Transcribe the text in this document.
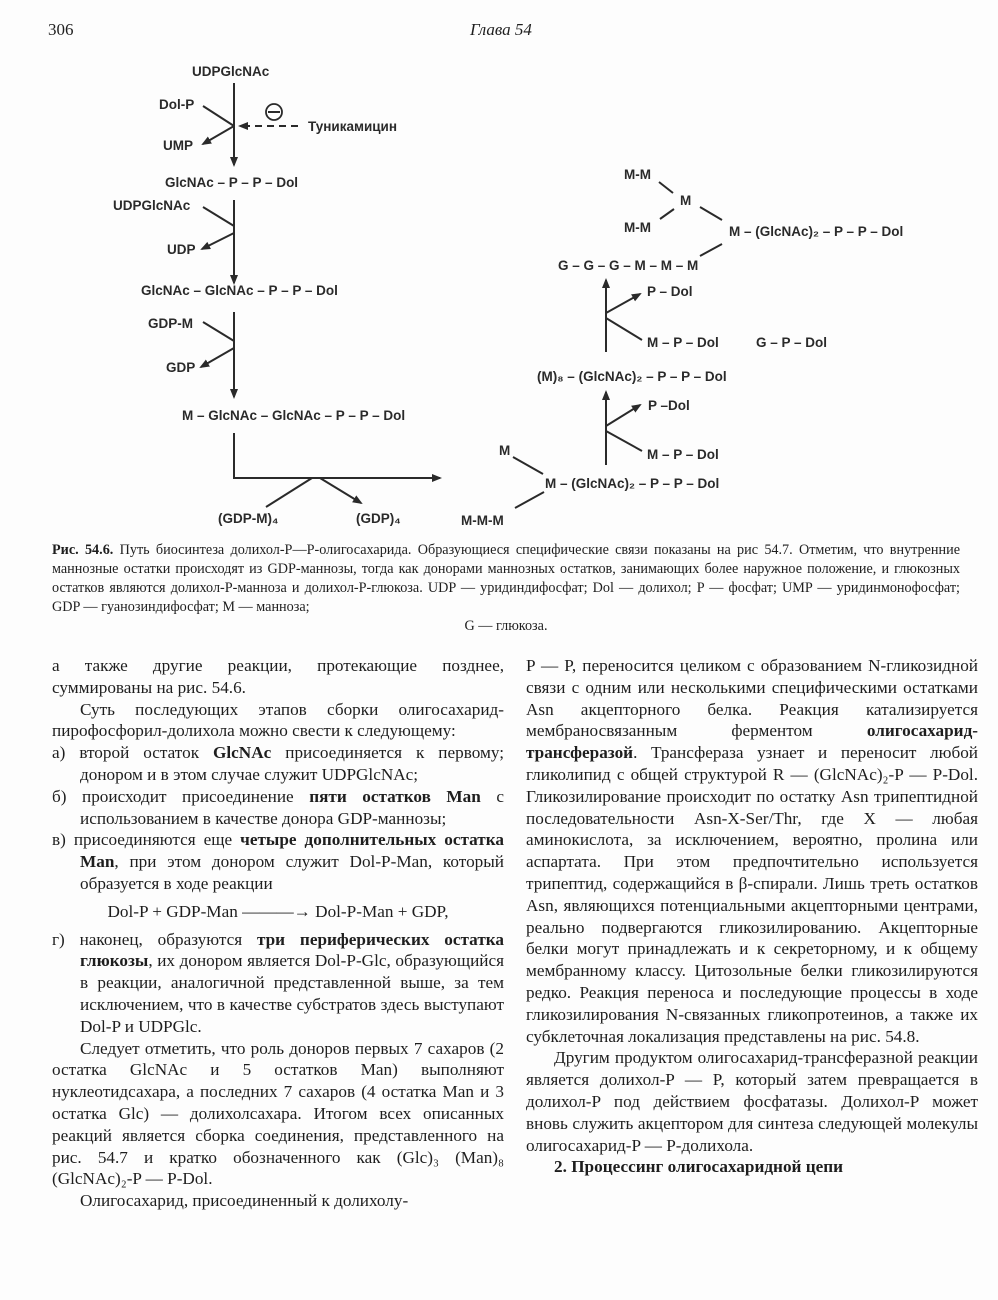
306	Глава 54
UDPGlcNAc
Dol-P
UMP
Туникамицин
GlcNAc – P – P – Dol
UDPGlcNAc
UDP
GlcNAc – GlcNAc – P – P – Dol
GDP-M
GDP
M – GlcNAc – GlcNAc – P – P – Dol
(GDP-M)₄	(GDP)₄
M
M – (GlcNAc)₂ – P – P – Dol
M-M-M
P –Dol
M – P – Dol
(M)₈ – (GlcNAc)₂ – P – P – Dol
P – Dol
M – P – Dol	G – P – Dol
M-M
M
M-M	M – (GlcNAc)₂ – P – P – Dol
G – G – G – M – M – M
Рис. 54.6. Путь биосинтеза долихол-P—P-олигосахарида. Образующиеся специфические связи показаны на рис 54.7. Отметим, что внутренние маннозные остатки происходят из GDP-маннозы, тогда как донорами маннозных остатков, занимающих более наружное положение, и глюкозных остатков являются долихол-P-манноза и долихол-P-глюкоза. UDP — уридиндифосфат; Dol — долихол; P — фосфат; UMP — уридинмонофосфат; GDP — гуанозиндифосфат; M — манноза;
G — глюкоза.

а также другие реакции, протекающие позднее, суммированы на рис. 54.6.

Суть последующих этапов сборки олигосахарид-пирофосфорил-долихола можно свести к следующему:

а) второй остаток GlcNAc присоединяется к первому; донором и в этом случае служит UDPGlcNAc;

б) происходит присоединение пяти остатков Man с использованием в качестве донора GDP-маннозы;

в) присоединяются еще четыре дополнительных остатка Man, при этом донором служит Dol-P-Man, который образуется в ходе реакции

Dol-P + GDP-Man ———→ Dol-P-Man + GDP,

г) наконец, образуются три периферических остатка глюкозы, их донором является Dol-P-Glc, образующийся в реакции, аналогичной представленной выше, за тем исключением, что в качестве субстратов здесь выступают Dol-P и UDPGlc.

Следует отметить, что роль доноров первых 7 сахаров (2 остатка GlcNAc и 5 остатков Man) выполняют нуклеотидсахара, а последних 7 сахаров (4 остатка Man и 3 остатка Glc) — долихолсахара. Итогом всех описанных реакций является сборка соединения, представленного на рис. 54.7 и кратко обозначенного как (Glc)₃ (Man)₈ (GlcNAc)₂-P — P-Dol.

Олигосахарид, присоединенный к долихолу-

P — P, переносится целиком с образованием N-гликозидной связи с одним или несколькими специфическими остатками Asn акцепторного белка. Реакция катализируется мембраносвязанным ферментом олигосахарид-трансферазой. Трансфераза узнает и переносит любой гликолипид с общей структурой R — (GlcNAc)₂-P — P-Dol. Гликозилирование происходит по остатку Asn трипептидной последовательности Asn-X-Ser/Thr, где X — любая аминокислота, за исключением, вероятно, пролина или аспартата. При этом предпочтительно используется трипептид, содержащийся в β-спирали. Лишь треть остатков Asn, являющихся потенциальными акцепторными центрами, реально подвергаются гликозилированию. Акцепторные белки могут принадлежать и к секреторному, и к общему мембранному классу. Цитозольные белки гликозилируются редко. Реакция переноса и последующие процессы в ходе гликозилирования N-связанных гликопротеинов, а также их субклеточная локализация представлены на рис. 54.8.

Другим продуктом олигосахарид-трансферазной реакции является долихол-P — P, который затем превращается в долихол-P под действием фосфатазы. Долихол-P может вновь служить акцептором для синтеза следующей молекулы олигосахарид-P — P-долихола.

2. Процессинг олигосахаридной цепи
